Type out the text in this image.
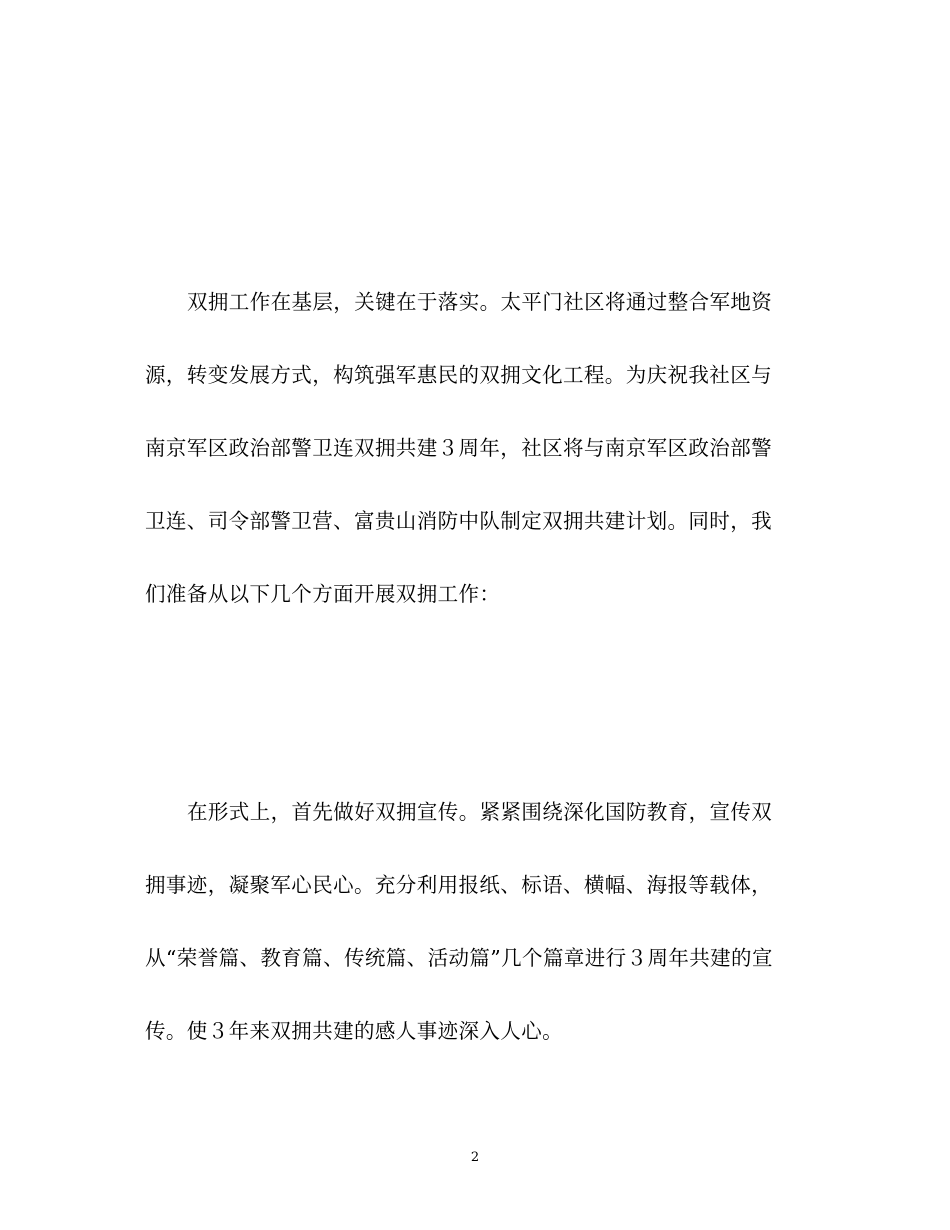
双拥工作在基层，关键在于落实。太平门社区将通过整合军地资
源，转变发展方式，构筑强军惠民的双拥文化工程。为庆祝我社区与
南京军区政治部警卫连双拥共建３周年，社区将与南京军区政治部警
卫连、司令部警卫营、富贵山消防中队制定双拥共建计划。同时，我
们准备从以下几个方面开展双拥工作：
在形式上，首先做好双拥宣传。紧紧围绕深化国防教育，宣传双
拥事迹，凝聚军心民心。充分利用报纸、标语、横幅、海报等载体，
从“荣誉篇、教育篇、传统篇、活动篇”几个篇章进行３周年共建的宣
传。使３年来双拥共建的感人事迹深入人心。
2
